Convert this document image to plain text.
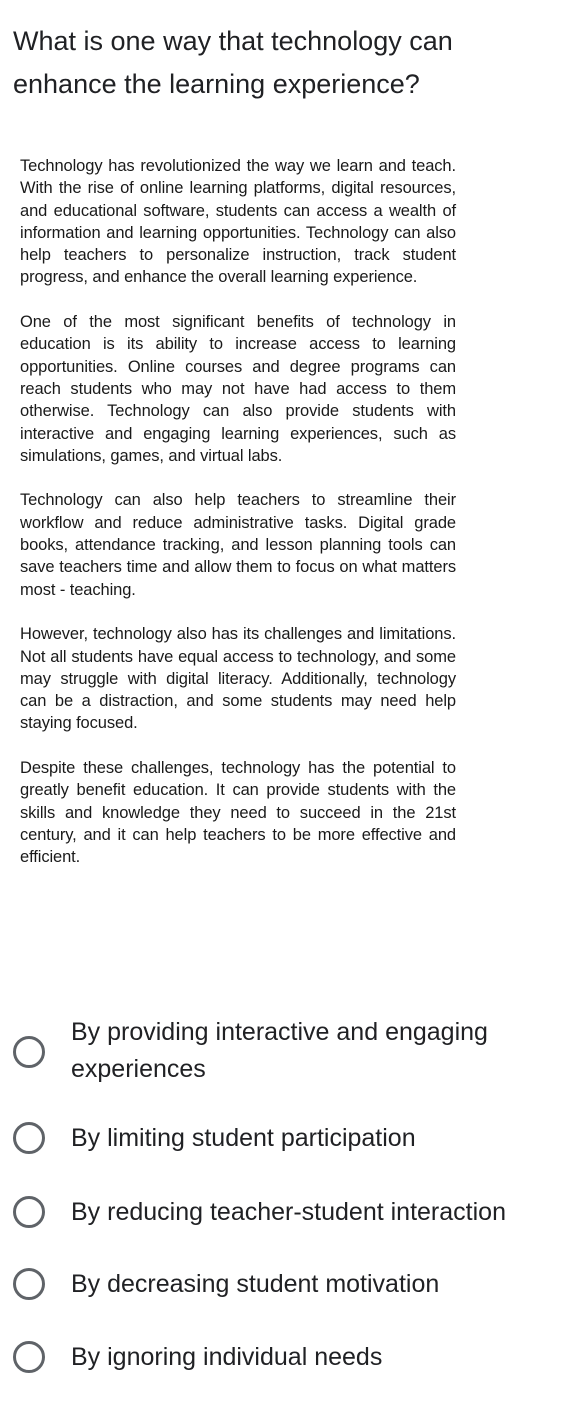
What is one way that technology can enhance the learning experience?

Technology has revolutionized the way we learn and teach. With the rise of online learning platforms, digital resources, and educational software, students can access a wealth of information and learning opportunities. Technology can also help teachers to personalize instruction, track student progress, and enhance the overall learning experience.

One of the most significant benefits of technology in education is its ability to increase access to learning opportunities. Online courses and degree programs can reach students who may not have had access to them otherwise. Technology can also provide students with interactive and engaging learning experiences, such as simulations, games, and virtual labs.

Technology can also help teachers to streamline their workflow and reduce administrative tasks. Digital grade books, attendance tracking, and lesson planning tools can save teachers time and allow them to focus on what matters most - teaching.

However, technology also has its challenges and limitations. Not all students have equal access to technology, and some may struggle with digital literacy. Additionally, technology can be a distraction, and some students may need help staying focused.

Despite these challenges, technology has the potential to greatly benefit education. It can provide students with the skills and knowledge they need to succeed in the 21st century, and it can help teachers to be more effective and efficient.

By providing interactive and engaging experiences
By limiting student participation
By reducing teacher-student interaction
By decreasing student motivation
By ignoring individual needs
